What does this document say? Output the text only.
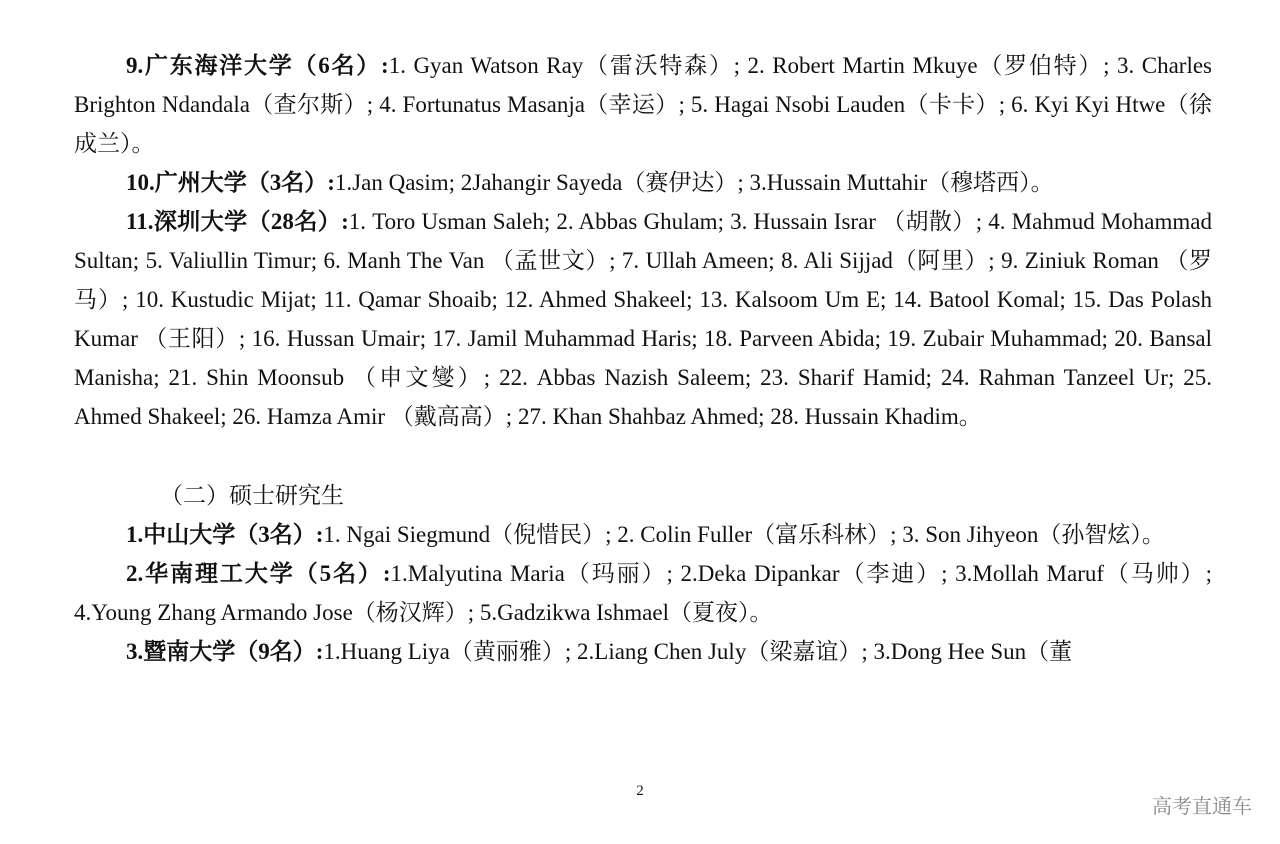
9.广东海洋大学（6名）:1. Gyan Watson Ray（雷沃特森）; 2. Robert Martin Mkuye（罗伯特）; 3. Charles Brighton Ndandala（查尔斯）; 4. Fortunatus Masanja（幸运）; 5. Hagai Nsobi Lauden（卡卡）; 6. Kyi Kyi Htwe（徐成兰）。

10.广州大学（3名）:1.Jan Qasim; 2Jahangir Sayeda（赛伊达）; 3.Hussain Muttahir（穆塔西）。

11.深圳大学（28名）:1. Toro Usman Saleh; 2. Abbas Ghulam; 3. Hussain Israr （胡散）; 4. Mahmud Mohammad Sultan; 5. Valiullin Timur; 6. Manh The Van （孟世文）; 7. Ullah Ameen; 8. Ali Sijjad（阿里）; 9. Ziniuk Roman （罗马）; 10. Kustudic Mijat; 11. Qamar Shoaib; 12. Ahmed Shakeel; 13. Kalsoom Um E; 14. Batool Komal; 15. Das Polash Kumar （王阳）; 16. Hussan Umair; 17. Jamil Muhammad Haris; 18. Parveen Abida; 19. Zubair Muhammad; 20. Bansal Manisha; 21. Shin Moonsub （申文燮）; 22. Abbas Nazish Saleem; 23. Sharif Hamid; 24. Rahman Tanzeel Ur; 25. Ahmed Shakeel; 26. Hamza Amir （戴高高）; 27. Khan Shahbaz Ahmed; 28. Hussain Khadim。

（二）硕士研究生

1.中山大学（3名）:1. Ngai Siegmund（倪惜民）; 2. Colin Fuller（富乐科林）; 3. Son Jihyeon（孙智炫）。

2.华南理工大学（5名）:1.Malyutina Maria（玛丽）; 2.Deka Dipankar（李迪）; 3.Mollah Maruf（马帅）; 4.Young Zhang Armando Jose（杨汉辉）; 5.Gadzikwa Ishmael（夏夜）。

3.暨南大学（9名）:1.Huang Liya（黄丽雅）; 2.Liang Chen July（梁嘉谊）; 3.Dong Hee Sun（董

2
高考直通车
